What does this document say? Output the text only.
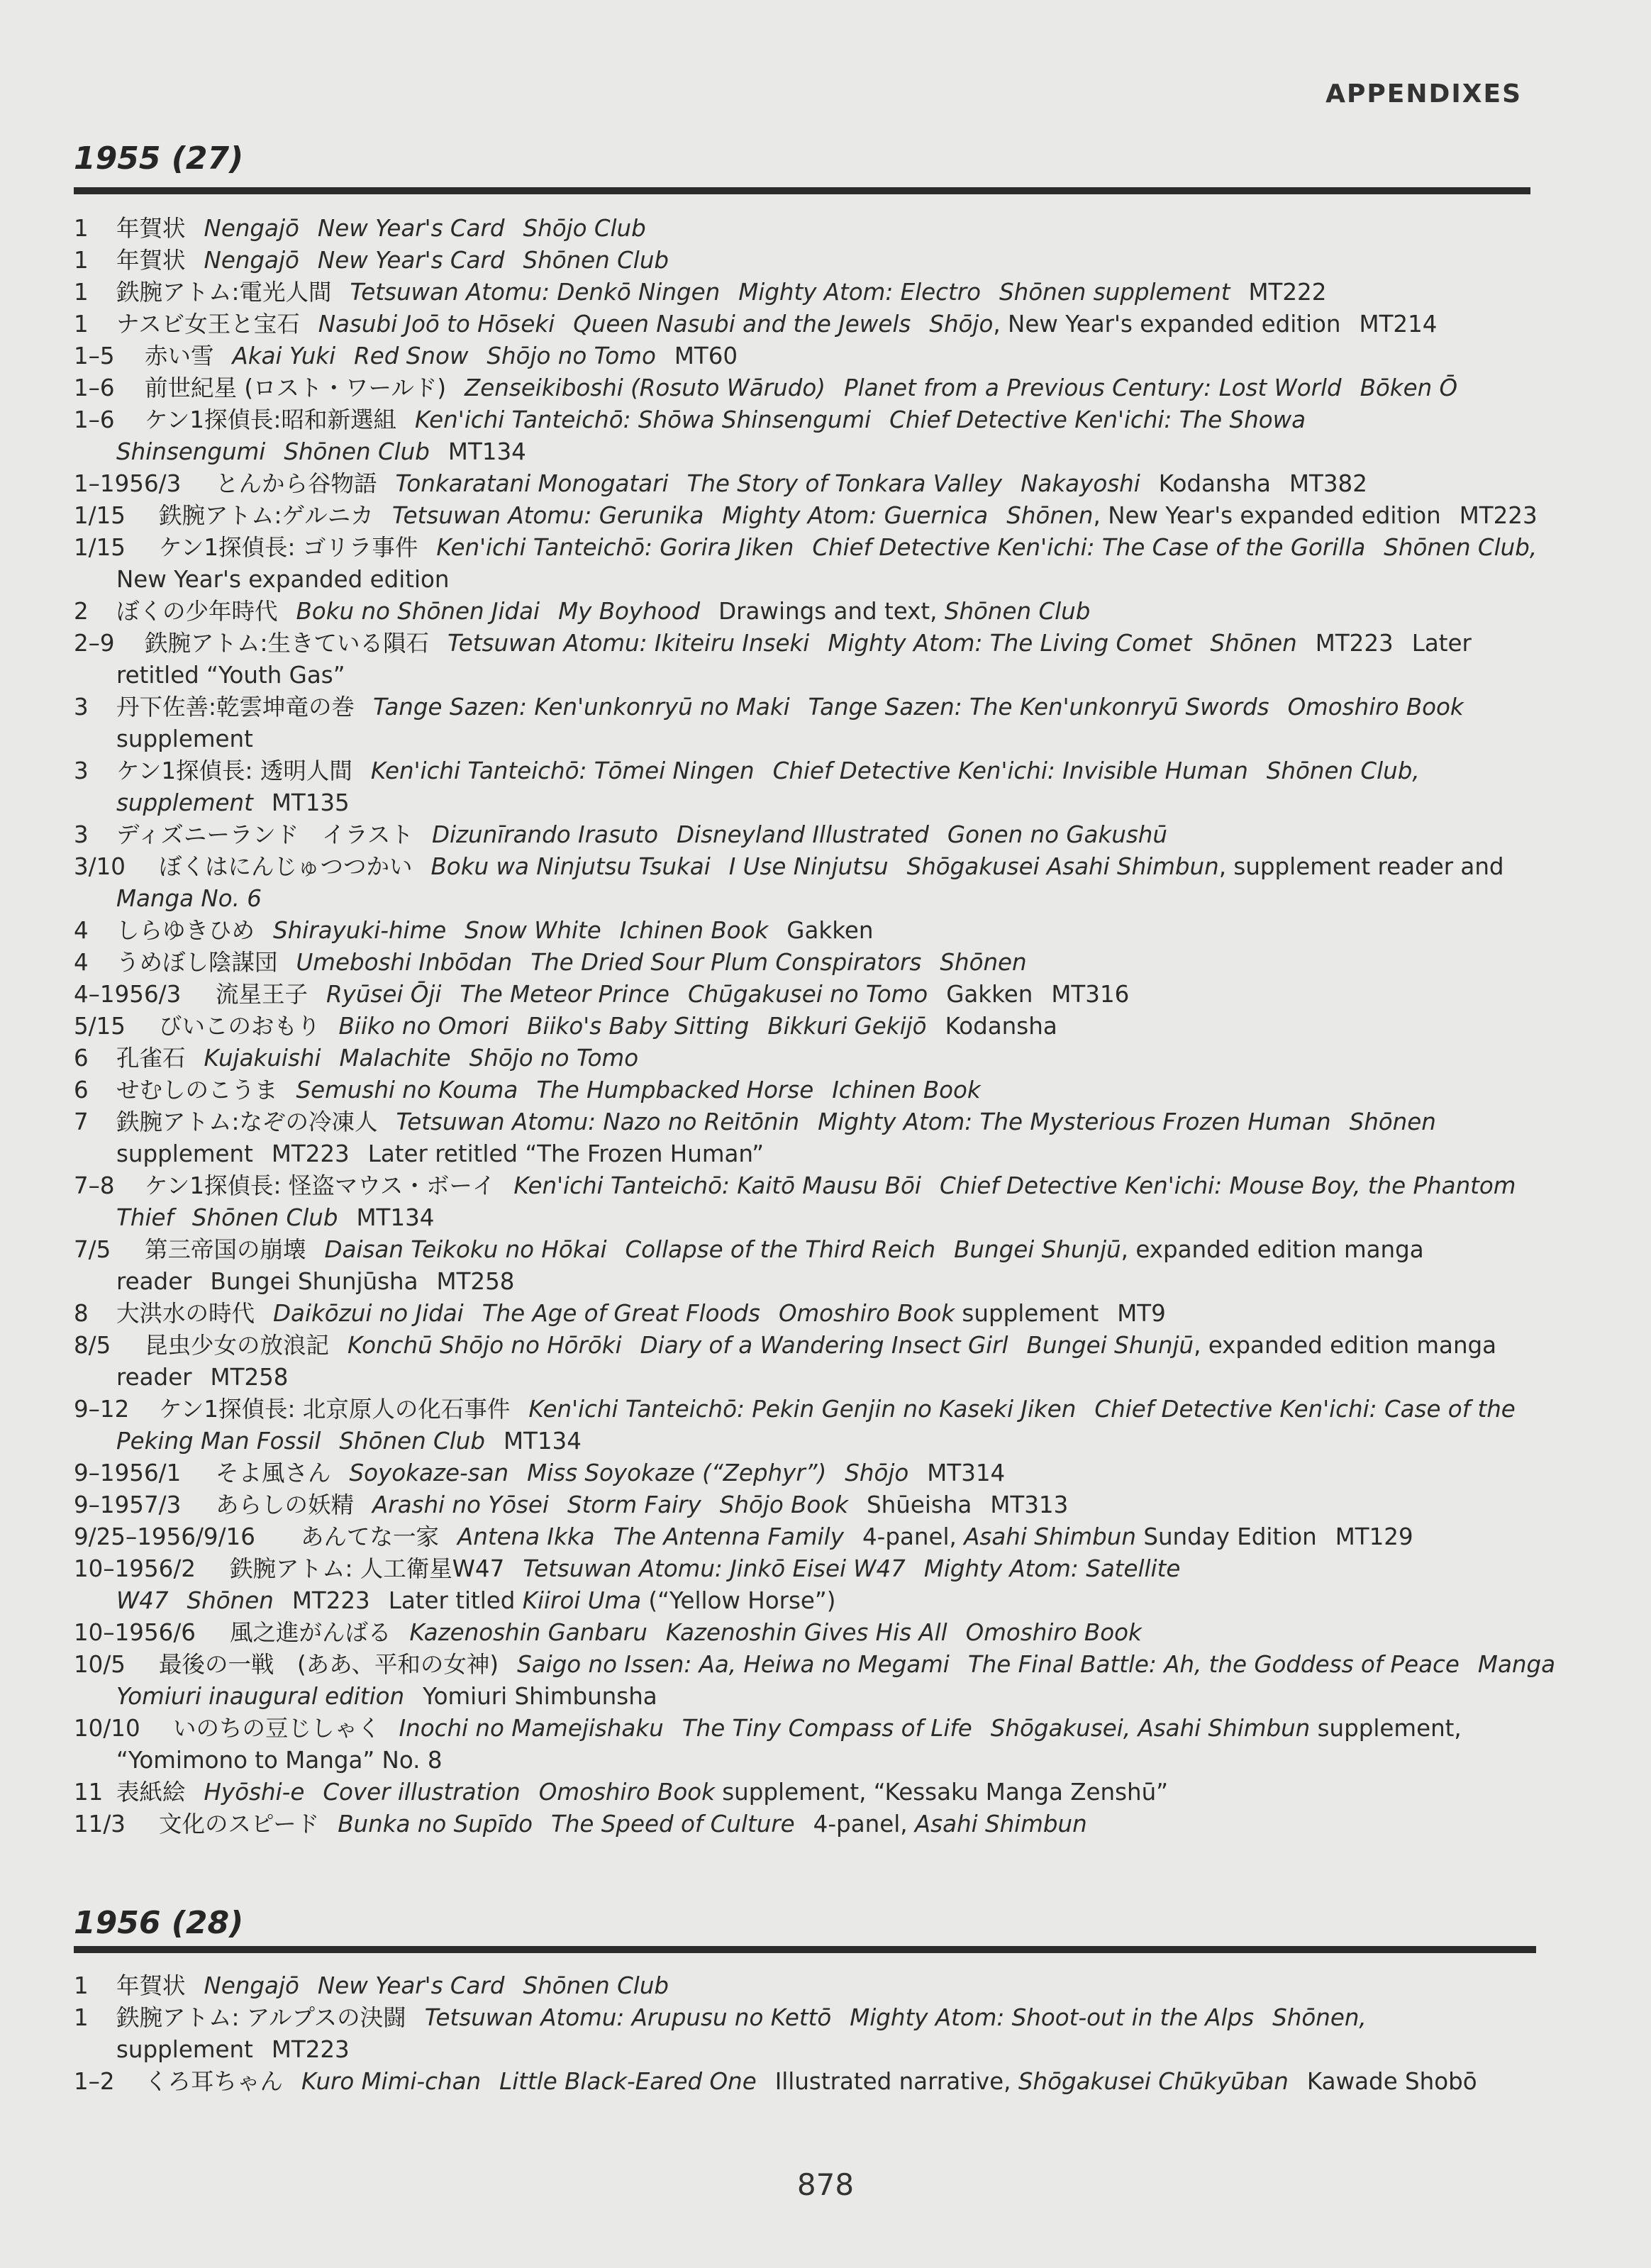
APPENDIXES
1955 (27)
1 年賀状 Nengajō New Year's Card Shōjo Club
1 年賀状 Nengajō New Year's Card Shōnen Club
1 鉄腕アトム:電光人間 Tetsuwan Atomu: Denkō Ningen Mighty Atom: Electro Shōnen supplement MT222
1 ナスビ女王と宝石 Nasubi Joō to Hōseki Queen Nasubi and the Jewels Shōjo, New Year's expanded edition MT214
1–5 赤い雪 Akai Yuki Red Snow Shōjo no Tomo MT60
1–6 前世紀星 (ロスト・ワールド) Zenseikiboshi (Rosuto Wārudo) Planet from a Previous Century: Lost World Bōken Ō
1–6 ケン1探偵長:昭和新選組 Ken'ichi Tanteichō: Shōwa Shinsengumi Chief Detective Ken'ichi: The Showa
Shinsengumi Shōnen Club MT134
1–1956/3 とんから谷物語 Tonkaratani Monogatari The Story of Tonkara Valley Nakayoshi Kodansha MT382
1/15 鉄腕アトム:ゲルニカ Tetsuwan Atomu: Gerunika Mighty Atom: Guernica Shōnen, New Year's expanded edition MT223
1/15 ケン1探偵長: ゴリラ事件 Ken'ichi Tanteichō: Gorira Jiken Chief Detective Ken'ichi: The Case of the Gorilla Shōnen Club,
New Year's expanded edition
2 ぼくの少年時代 Boku no Shōnen Jidai My Boyhood Drawings and text, Shōnen Club
2–9 鉄腕アトム:生きている隕石 Tetsuwan Atomu: Ikiteiru Inseki Mighty Atom: The Living Comet Shōnen MT223 Later
retitled “Youth Gas”
3 丹下佐善:乾雲坤竜の巻 Tange Sazen: Ken'unkonryū no Maki Tange Sazen: The Ken'unkonryū Swords Omoshiro Book
supplement
3 ケン1探偵長: 透明人間 Ken'ichi Tanteichō: Tōmei Ningen Chief Detective Ken'ichi: Invisible Human Shōnen Club,
supplement MT135
3 ディズニーランド　イラスト Dizunīrando Irasuto Disneyland Illustrated Gonen no Gakushū
3/10 ぼくはにんじゅつつかい Boku wa Ninjutsu Tsukai I Use Ninjutsu Shōgakusei Asahi Shimbun, supplement reader and
Manga No. 6
4 しらゆきひめ Shirayuki-hime Snow White Ichinen Book Gakken
4 うめぼし陰謀団 Umeboshi Inbōdan The Dried Sour Plum Conspirators Shōnen
4–1956/3 流星王子 Ryūsei Ōji The Meteor Prince Chūgakusei no Tomo Gakken MT316
5/15 びいこのおもり Biiko no Omori Biiko's Baby Sitting Bikkuri Gekijō Kodansha
6 孔雀石 Kujakuishi Malachite Shōjo no Tomo
6 せむしのこうま Semushi no Kouma The Humpbacked Horse Ichinen Book
7 鉄腕アトム:なぞの冷凍人 Tetsuwan Atomu: Nazo no Reitōnin Mighty Atom: The Mysterious Frozen Human Shōnen
supplement MT223 Later retitled “The Frozen Human”
7–8 ケン1探偵長: 怪盗マウス・ボーイ Ken'ichi Tanteichō: Kaitō Mausu Bōi Chief Detective Ken'ichi: Mouse Boy, the Phantom
Thief Shōnen Club MT134
7/5 第三帝国の崩壊 Daisan Teikoku no Hōkai Collapse of the Third Reich Bungei Shunjū, expanded edition manga
reader Bungei Shunjūsha MT258
8 大洪水の時代 Daikōzui no Jidai The Age of Great Floods Omoshiro Book supplement MT9
8/5 昆虫少女の放浪記 Konchū Shōjo no Hōrōki Diary of a Wandering Insect Girl Bungei Shunjū, expanded edition manga
reader MT258
9–12 ケン1探偵長: 北京原人の化石事件 Ken'ichi Tanteichō: Pekin Genjin no Kaseki Jiken Chief Detective Ken'ichi: Case of the
Peking Man Fossil Shōnen Club MT134
9–1956/1 そよ風さん Soyokaze-san Miss Soyokaze (“Zephyr”) Shōjo MT314
9–1957/3 あらしの妖精 Arashi no Yōsei Storm Fairy Shōjo Book Shūeisha MT313
9/25–1956/9/16 あんてな一家 Antena Ikka The Antenna Family 4-panel, Asahi Shimbun Sunday Edition MT129
10–1956/2 鉄腕アトム: 人工衛星W47 Tetsuwan Atomu: Jinkō Eisei W47 Mighty Atom: Satellite
W47 Shōnen MT223 Later titled Kiiroi Uma (“Yellow Horse”)
10–1956/6 風之進がんばる Kazenoshin Ganbaru Kazenoshin Gives His All Omoshiro Book
10/5 最後の一戦　(ああ、平和の女神) Saigo no Issen: Aa, Heiwa no Megami The Final Battle: Ah, the Goddess of Peace Manga
Yomiuri inaugural edition Yomiuri Shimbunsha
10/10 いのちの豆じしゃく Inochi no Mamejishaku The Tiny Compass of Life Shōgakusei, Asahi Shimbun supplement,
“Yomimono to Manga” No. 8
11 表紙絵 Hyōshi-e Cover illustration Omoshiro Book supplement, “Kessaku Manga Zenshū”
11/3 文化のスピード Bunka no Supīdo The Speed of Culture 4-panel, Asahi Shimbun
1956 (28)
1 年賀状 Nengajō New Year's Card Shōnen Club
1 鉄腕アトム: アルプスの決闘 Tetsuwan Atomu: Arupusu no Kettō Mighty Atom: Shoot-out in the Alps Shōnen,
supplement MT223
1–2 くろ耳ちゃん Kuro Mimi-chan Little Black-Eared One Illustrated narrative, Shōgakusei Chūkyūban Kawade Shobō
878
